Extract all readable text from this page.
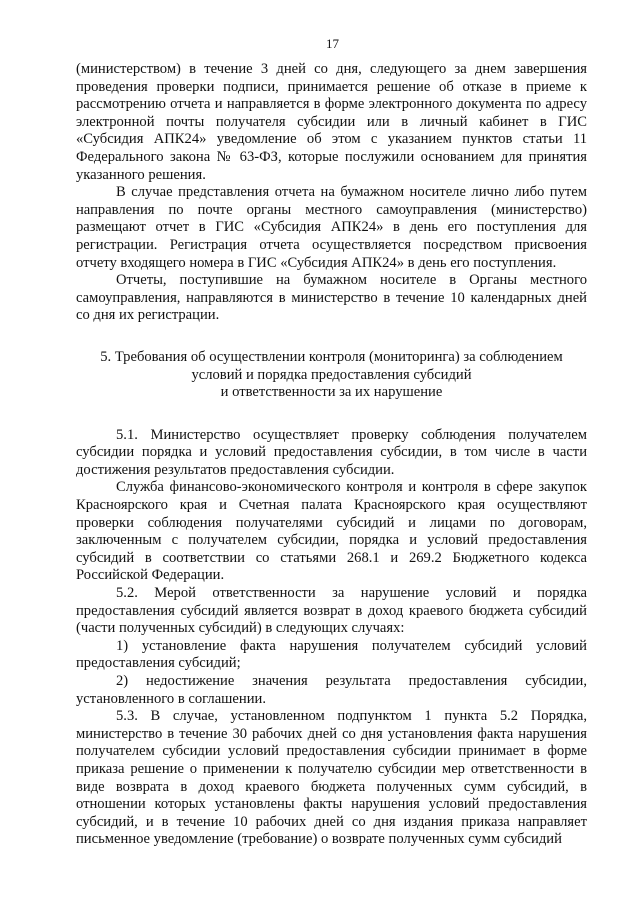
17

(министерством) в течение 3 дней со дня, следующего за днем завершения проведения проверки подписи, принимается решение об отказе в приеме к рассмотрению отчета и направляется в форме электронного документа по адресу электронной почты получателя субсидии или в личный кабинет в ГИС «Субсидия АПК24» уведомление об этом с указанием пунктов статьи 11 Федерального закона № 63-ФЗ, которые послужили основанием для принятия указанного решения.

В случае представления отчета на бумажном носителе лично либо путем направления по почте органы местного самоуправления (министерство) размещают отчет в ГИС «Субсидия АПК24» в день его поступления для регистрации. Регистрация отчета осуществляется посредством присвоения отчету входящего номера в ГИС «Субсидия АПК24» в день его поступления.

Отчеты, поступившие на бумажном носителе в Органы местного самоуправления, направляются в министерство в течение 10 календарных дней со дня их регистрации.

5. Требования об осуществлении контроля (мониторинга) за соблюдением
условий и порядка предоставления субсидий
и ответственности за их нарушение

5.1. Министерство осуществляет проверку соблюдения получателем субсидии порядка и условий предоставления субсидии, в том числе в части достижения результатов предоставления субсидии.

Служба финансово-экономического контроля и контроля в сфере закупок Красноярского края и Счетная палата Красноярского края осуществляют проверки соблюдения получателями субсидий и лицами по договорам, заключенным с получателем субсидии, порядка и условий предоставления субсидий в соответствии со статьями 268.1 и 269.2 Бюджетного кодекса Российской Федерации.

5.2. Мерой ответственности за нарушение условий и порядка предоставления субсидий является возврат в доход краевого бюджета субсидий (части полученных субсидий) в следующих случаях:

1) установление факта нарушения получателем субсидий условий предоставления субсидий;

2) недостижение значения результата предоставления субсидии, установленного в соглашении.

5.3. В случае, установленном подпунктом 1 пункта 5.2 Порядка, министерство в течение 30 рабочих дней со дня установления факта нарушения получателем субсидии условий предоставления субсидии принимает в форме приказа решение о применении к получателю субсидии мер ответственности в виде возврата в доход краевого бюджета полученных сумм субсидий, в отношении которых установлены факты нарушения условий предоставления субсидий, и в течение 10 рабочих дней со дня издания приказа направляет письменное уведомление (требование) о возврате полученных сумм субсидий
